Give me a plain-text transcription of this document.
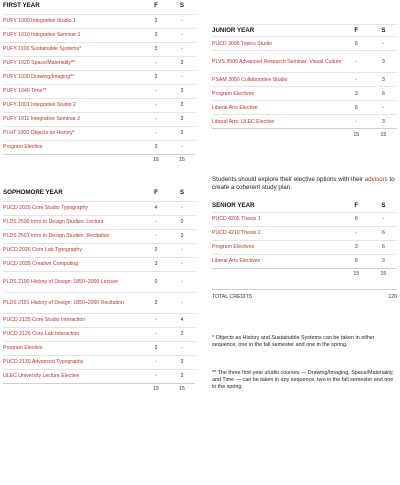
FIRST YEAR	F	S
PUFY 1000 Integrative Studio 1	3	-
PUFY 1010 Integrative Seminar 1	3	-
PUFY 1100 Sustainable Systems*	3	-
PUFY 1020 Space/Materiality**	-	3
PUFY 1030 Drawing/Imaging**	3	-
PUFY 1040 Time**	-	3
PUFY 1001 Integrative Studio 2	-	3
PUFY 1011 Integrative Seminar 2	-	3
PLHT 1000 Objects as History*	-	3
Program Elective	3	-
	15	15
SOPHOMORE YEAR	F	S
PUCD 2025 Core Studio Typography	4	-
PLDS 2500 Intro to Design Studies: Lecture	-	0
PLDS 2501 Intro to Design Studies: Recitation	-	3
PUCD 2026 Core Lab Typography	2	-
PUCD 2035 Creative Computing	3	-
PLDS 2190 History of Design: 1850–2000 Lecture	0	-
PLDS 2191 History of Design: 1850–2000 Recitation	3	-
PUCD 2125 Core Studio Interaction	-	4
PUCD 2126 Core Lab Interaction	-	2
Program Elective	3	-
PUCD 2130 Advanced Typography	-	3
ULEC University Lecture Elective	-	3
	15	15
JUNIOR YEAR	F	S
PUCD 3095 Topics Studio	6	-
PLVS 3500 Advanced Research Seminar: Visual Culture	-	3
PSAM 3050 Collaborative Studio	-	3
Program Electives	3	6
Liberal Arts Elective	6	-
Liberal Arts: ULEC Elective	-	3
	15	15

Students should explore their elective options with their advisors to create a coherent study plan.

SENIOR YEAR	F	S
PUCD 4205 Thesis 1	6	-
PUCD 4210 Thesis 2	-	6
Program Electives	3	6
Liberal Arts Electives	6	3
	15	15
TOTAL CREDITS	120

* Objects as History and Sustainable Systems can be taken in either sequence, one in the fall semester and one in the spring.

** The three first-year studio courses — Drawing/Imaging, Space/Materiality, and Time — can be taken in any sequence, two in the fall semester and one in the spring.
